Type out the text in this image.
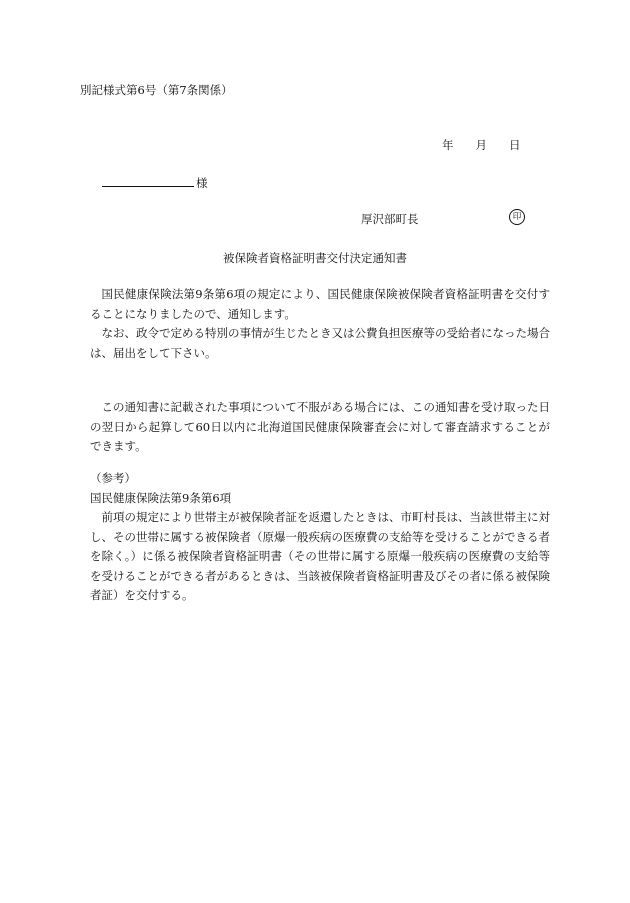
別記様式第6号（第7条関係）
年 月 日
様
厚沢部町長	印
被保険者資格証明書交付決定通知書

国民健康保険法第9条第6項の規定により、国民健康保険被保険者資格証明書を交付することになりましたので、通知します。

なお、政令で定める特別の事情が生じたとき又は公費負担医療等の受給者になった場合は、届出をして下さい。

この通知書に記載された事項について不服がある場合には、この通知書を受け取った日の翌日から起算して60日以内に北海道国民健康保険審査会に対して審査請求することができます。

（参考）
国民健康保険法第9条第6項

前項の規定により世帯主が被保険者証を返還したときは、市町村長は、当該世帯主に対し、その世帯に属する被保険者（原爆一般疾病の医療費の支給等を受けることができる者を除く。）に係る被保険者資格証明書（その世帯に属する原爆一般疾病の医療費の支給等を受けることができる者があるときは、当該被保険者資格証明書及びその者に係る被保険者証）を交付する。
